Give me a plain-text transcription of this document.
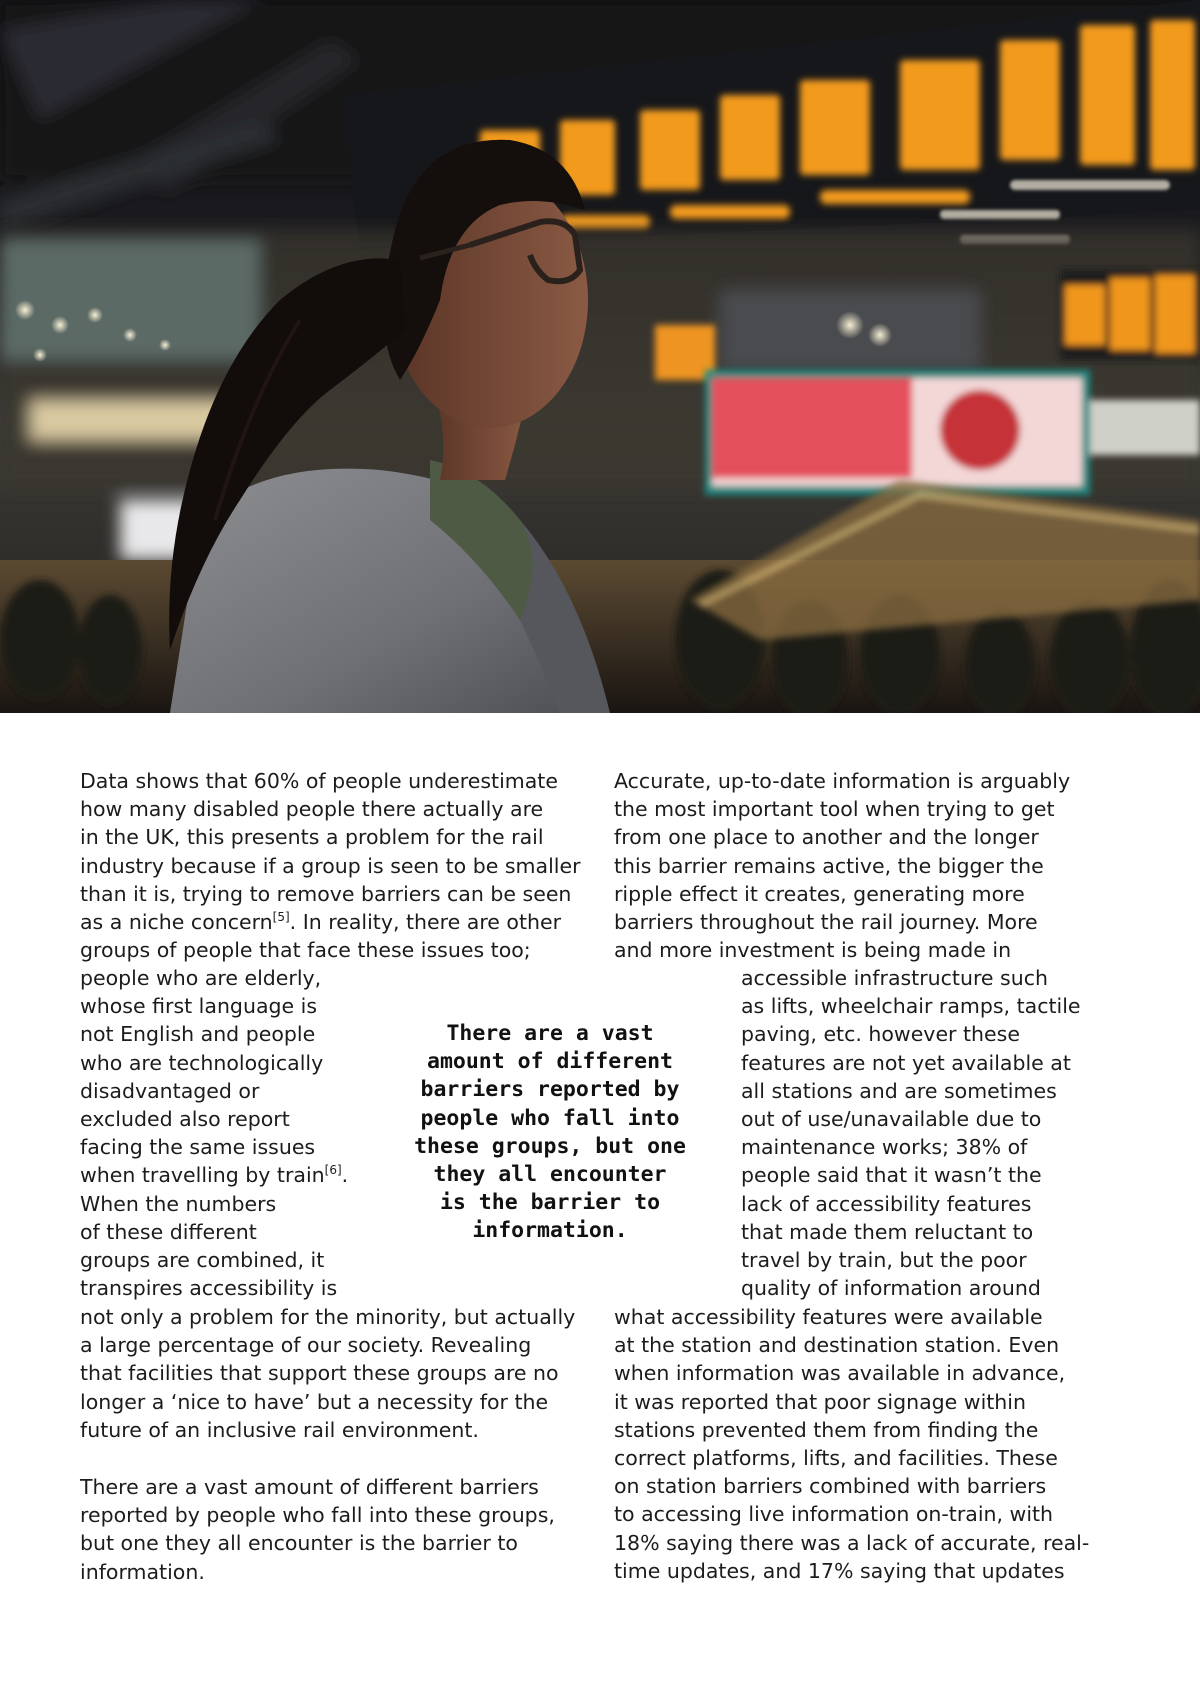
Data shows that 60% of people underestimate
how many disabled people there actually are
in the UK, this presents a problem for the rail
industry because if a group is seen to be smaller
than it is, trying to remove barriers can be seen
as a niche concern[5]. In reality, there are other
groups of people that face these issues too;

people who are elderly,
whose first language is
not English and people
who are technologically
disadvantaged or
excluded also report
facing the same issues
when travelling by train[6].
When the numbers
of these different
groups are combined, it
transpires accessibility is

not only a problem for the minority, but actually
a large percentage of our society. Revealing
that facilities that support these groups are no
longer a ‘nice to have’ but a necessity for the
future of an inclusive rail environment.

There are a vast amount of different barriers
reported by people who fall into these groups,
but one they all encounter is the barrier to
information.

There are a vast
amount of different
barriers reported by
people who fall into
these groups, but one
they all encounter
is the barrier to
information.

Accurate, up-to-date information is arguably
the most important tool when trying to get
from one place to another and the longer
this barrier remains active, the bigger the
ripple effect it creates, generating more
barriers throughout the rail journey. More
and more investment is being made in

accessible infrastructure such
as lifts, wheelchair ramps, tactile
paving, etc. however these
features are not yet available at
all stations and are sometimes
out of use/unavailable due to
maintenance works; 38% of
people said that it wasn’t the
lack of accessibility features
that made them reluctant to
travel by train, but the poor
quality of information around

what accessibility features were available
at the station and destination station. Even
when information was available in advance,
it was reported that poor signage within
stations prevented them from finding the
correct platforms, lifts, and facilities. These
on station barriers combined with barriers
to accessing live information on-train, with
18% saying there was a lack of accurate, real-
time updates, and 17% saying that updates
